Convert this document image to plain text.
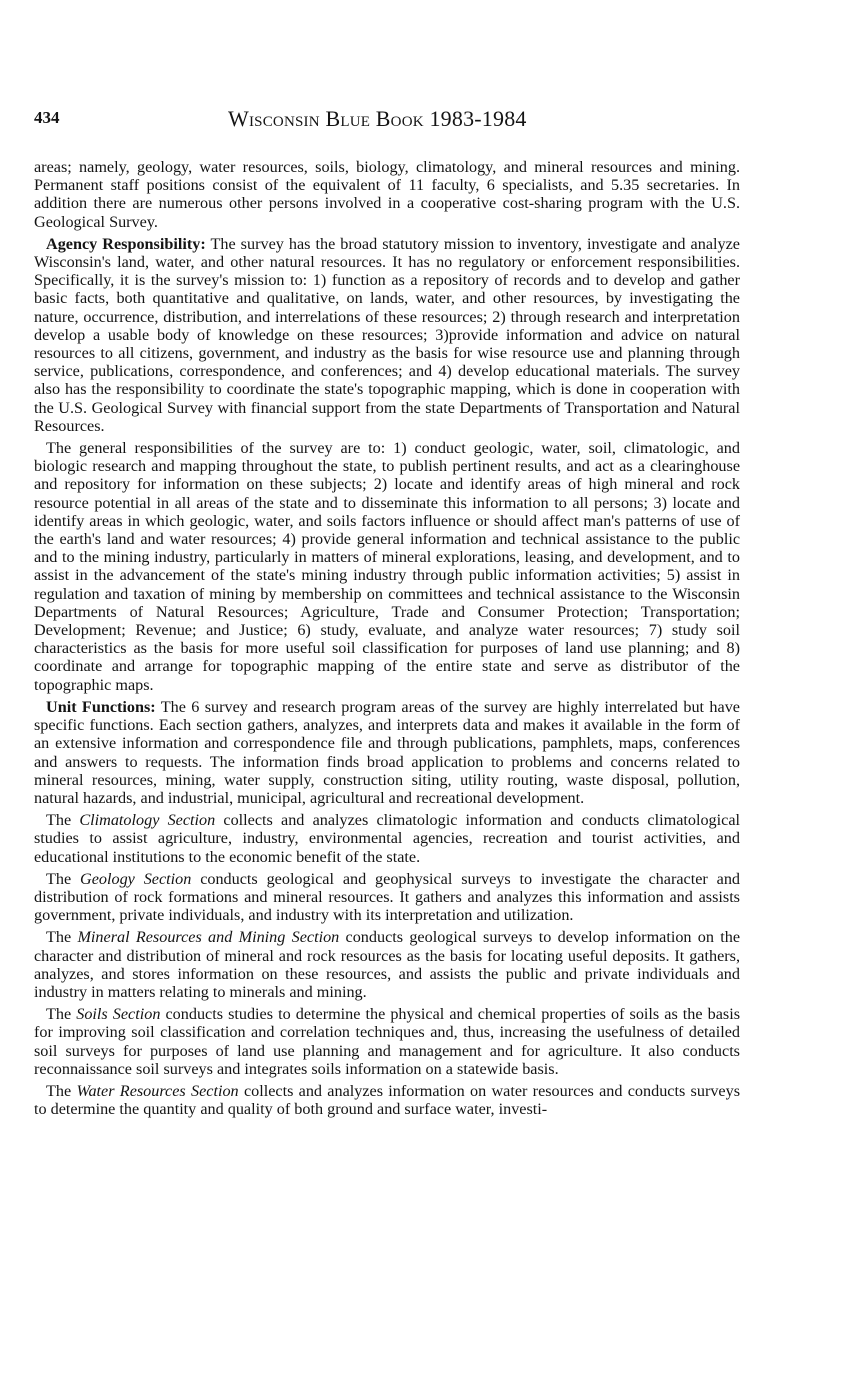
434	Wisconsin Blue Book 1983-1984

areas; namely, geology, water resources, soils, biology, climatology, and mineral resources and mining. Permanent staff positions consist of the equivalent of 11 faculty, 6 specialists, and 5.35 secretaries. In addition there are numerous other persons involved in a cooperative cost-sharing program with the U.S. Geological Survey.

Agency Responsibility: The survey has the broad statutory mission to inventory, investigate and analyze Wisconsin's land, water, and other natural resources. It has no regulatory or enforcement responsibilities. Specifically, it is the survey's mission to: 1) function as a repository of records and to develop and gather basic facts, both quantitative and qualitative, on lands, water, and other resources, by investigating the nature, occurrence, distribution, and interrelations of these resources; 2) through research and interpretation develop a usable body of knowledge on these resources; 3)provide information and advice on natural resources to all citizens, government, and industry as the basis for wise resource use and planning through service, publications, correspondence, and conferences; and 4) develop educational materials. The survey also has the responsibility to coordinate the state's topographic mapping, which is done in cooperation with the U.S. Geological Survey with financial support from the state Departments of Transportation and Natural Resources.

The general responsibilities of the survey are to: 1) conduct geologic, water, soil, climatologic, and biologic research and mapping throughout the state, to publish pertinent results, and act as a clearinghouse and repository for information on these subjects; 2) locate and identify areas of high mineral and rock resource potential in all areas of the state and to disseminate this information to all persons; 3) locate and identify areas in which geologic, water, and soils factors influence or should affect man's patterns of use of the earth's land and water resources; 4) provide general information and technical assistance to the public and to the mining industry, particularly in matters of mineral explorations, leasing, and development, and to assist in the advancement of the state's mining industry through public information activities; 5) assist in regulation and taxation of mining by membership on committees and technical assistance to the Wisconsin Departments of Natural Resources; Agriculture, Trade and Consumer Protection; Transportation; Development; Revenue; and Justice; 6) study, evaluate, and analyze water resources; 7) study soil characteristics as the basis for more useful soil classification for purposes of land use planning; and 8) coordinate and arrange for topographic mapping of the entire state and serve as distributor of the topographic maps.

Unit Functions: The 6 survey and research program areas of the survey are highly interrelated but have specific functions. Each section gathers, analyzes, and interprets data and makes it available in the form of an extensive information and correspondence file and through publications, pamphlets, maps, conferences and answers to requests. The information finds broad application to problems and concerns related to mineral resources, mining, water supply, construction siting, utility routing, waste disposal, pollution, natural hazards, and industrial, municipal, agricultural and recreational development.

The Climatology Section collects and analyzes climatologic information and conducts climatological studies to assist agriculture, industry, environmental agencies, recreation and tourist activities, and educational institutions to the economic benefit of the state.

The Geology Section conducts geological and geophysical surveys to investigate the character and distribution of rock formations and mineral resources. It gathers and analyzes this information and assists government, private individuals, and industry with its interpretation and utilization.

The Mineral Resources and Mining Section conducts geological surveys to develop information on the character and distribution of mineral and rock resources as the basis for locating useful deposits. It gathers, analyzes, and stores information on these resources, and assists the public and private individuals and industry in matters relating to minerals and mining.

The Soils Section conducts studies to determine the physical and chemical properties of soils as the basis for improving soil classification and correlation techniques and, thus, increasing the usefulness of detailed soil surveys for purposes of land use planning and management and for agriculture. It also conducts reconnaissance soil surveys and integrates soils information on a statewide basis.

The Water Resources Section collects and analyzes information on water resources and conducts surveys to determine the quantity and quality of both ground and surface water, investi-
